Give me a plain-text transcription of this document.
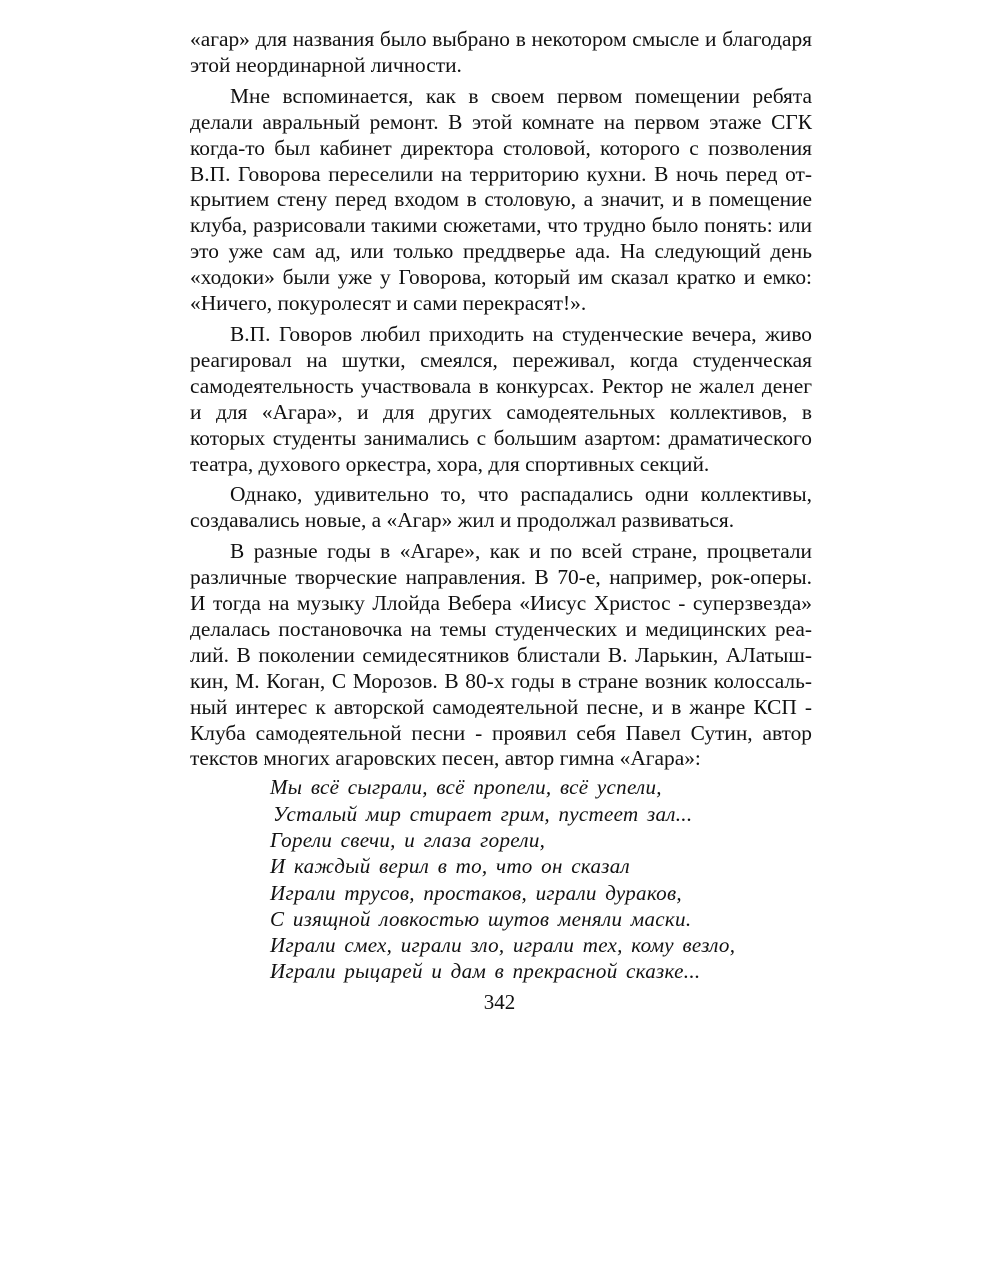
«агар» для названия было выбрано в некотором смысле и благодаря этой неординарной личности.

Мне вспоминается, как в своем первом помещении ребята делали авральный ремонт. В этой комнате на первом этаже СГК когда-то был кабинет директора столовой, которого с позволения В.П. Говорова переселили на территорию кухни. В ночь перед открытием стену перед входом в столовую, а значит, и в помещение клуба, разрисовали такими сюжетами, что трудно было понять: или это уже сам ад, или только преддверье ада. На следующий день «ходоки» были уже у Говорова, который им сказал кратко и емко: «Ничего, покуролесят и сами перекрасят!».

В.П. Говоров любил приходить на студенческие вечера, живо реагировал на шутки, смеялся, переживал, когда студенческая самодеятельность участвовала в конкурсах. Ректор не жалел денег и для «Агара», и для других самодеятельных коллективов, в которых студенты занимались с большим азартом: драматического театра, духового оркестра, хора, для спортивных секций.

Однако, удивительно то, что распадались одни коллективы, создавались новые, а «Агар» жил и продолжал развиваться.

В разные годы в «Агаре», как и по всей стране, процветали различные творческие направления. В 70-е, например, рок-оперы. И тогда на музыку Ллойда Вебера «Иисус Христос - суперзвезда» делалась постановочка на темы студенческих и медицинских реалий. В поколении семидесятников блистали В. Ларькин, АЛатышкин, М. Коган, С Морозов. В 80-х годы в стране возник колоссальный интерес к авторской самодеятельной песне, и в жанре КСП - Клуба самодеятельной песни - проявил себя Павел Сутин, автор текстов многих агаровских песен, автор гимна «Агара»:

Мы всё сыграли, всё пропели, всё успели,
Усталый мир стирает грим, пустеет зал...
Горели свечи, и глаза горели,
И каждый верил в то, что он сказал
Играли трусов, простаков, играли дураков,
С изящной ловкостью шутов меняли маски.
Играли смех, играли зло, играли тех, кому везло,
Играли рыцарей и дам в прекрасной сказке...
342
